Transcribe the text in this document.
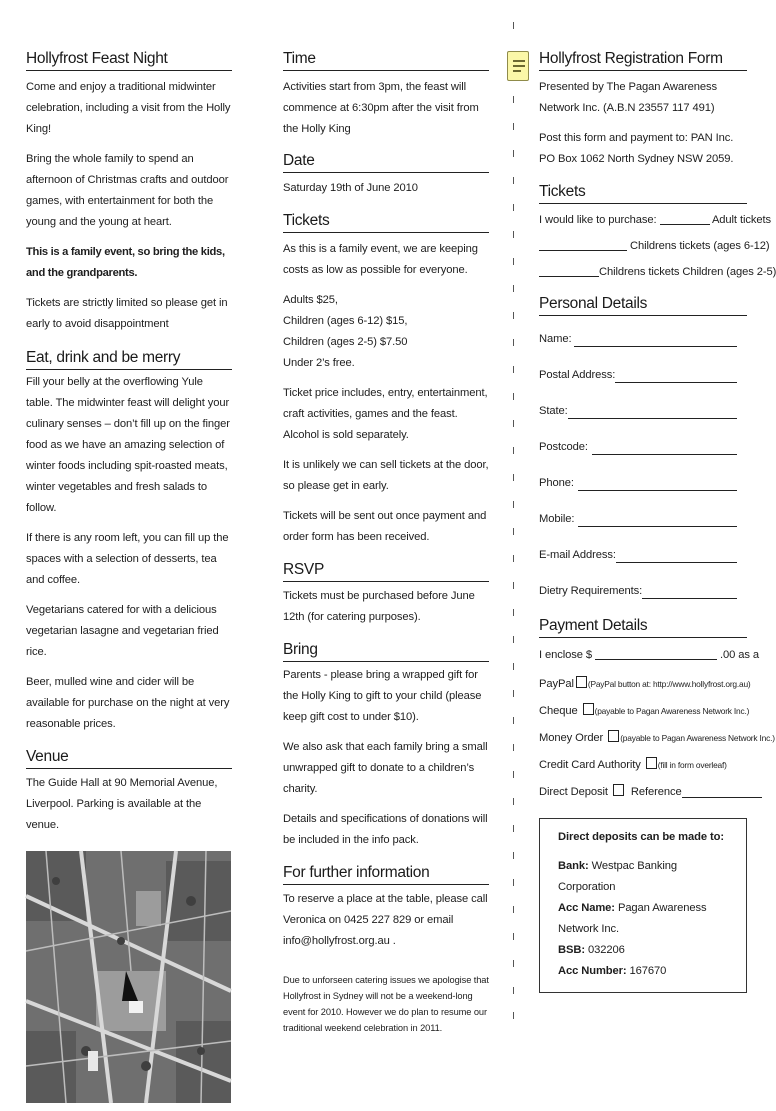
Hollyfrost Feast Night

Come and enjoy a traditional midwinter celebration, including a visit from the Holly King!

Bring the whole family to spend an afternoon of Christmas crafts and outdoor games, with entertainment for both the young and the young at heart.

This is a family event, so bring the kids, and the grandparents.

Tickets are strictly limited so please get in early to avoid disappointment

Eat, drink and be merry

Fill your belly at the overflowing Yule table. The midwinter feast will delight your culinary senses – don’t fill up on the finger food as we have an amazing selection of winter foods including spit-roasted meats, winter vegetables and fresh salads to follow.

If there is any room left, you can fill up the spaces with a selection of desserts, tea and coffee.

Vegetarians catered for with a delicious vegetarian lasagne and vegetarian fried rice.

Beer, mulled wine and cider will be available for purchase on the night at very reasonable prices.

Venue

The Guide Hall at 90 Memorial Avenue, Liverpool. Parking is available at the venue.

Time

Activities start from 3pm, the feast will commence at 6:30pm after the visit from the Holly King

Date

Saturday 19th of June 2010

Tickets

As this is a family event, we are keeping costs as low as possible for everyone.

Adults $25,

Children (ages 6-12) $15,

Children (ages 2-5) $7.50

Under 2’s free.

Ticket price includes, entry, entertainment, craft activities, games and the feast. Alcohol is sold separately.

It is unlikely we can sell tickets at the door, so please get in early.

Tickets will be sent out once payment and order form has been received.

RSVP

Tickets must be purchased before June 12th (for catering purposes).

Bring

Parents - please bring a wrapped gift for the Holly King to gift to your child (please keep gift cost to under $10).

We also ask that each family bring a small unwrapped gift to donate to a children’s charity.

Details and specifications of donations will be included in the info pack.

For further information

To reserve a place at the table, please call Veronica on 0425 227 829 or email info@hollyfrost.org.au .

Due to unforseen catering issues we apologise that Hollyfrost in Sydney will not be a weekend-long event for 2010. However we do plan to resume our traditional weekend celebration in 2011.

Hollyfrost Registration Form

Presented by The Pagan Awareness Network Inc. (A.B.N 23557 117 491)

Post this form and payment to: PAN Inc. PO Box 1062 North Sydney NSW 2059.

Tickets
I would like to purchase:	Adult tickets
Childrens tickets (ages 6-12)
Childrens tickets Children (ages 2-5)
Personal Details
Name:
Postal Address:
State:
Postcode:
Phone:
Mobile:
E-mail Address:
Dietry Requirements:
Payment Details
I enclose $	.00 as a
PayPal (PayPal button at: http://www.hollyfrost.org.au)
Cheque (payable to Pagan Awareness Network Inc.)
Money Order (payable to Pagan Awareness Network Inc.)
Credit Card Authority (fill in form overleaf)
Direct Deposit Reference
Direct deposits can be made to:
Bank: Westpac Banking Corporation
Acc Name: Pagan Awareness Network Inc.
BSB: 032206
Acc Number: 167670
